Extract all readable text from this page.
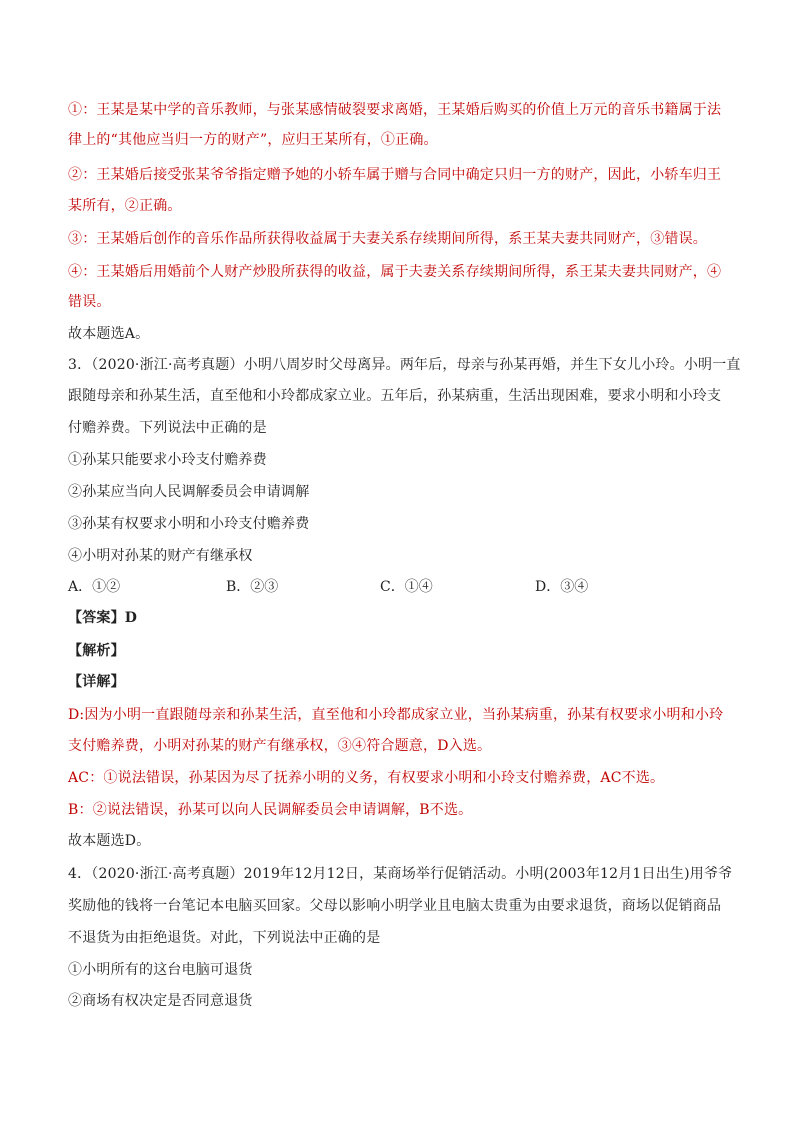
①：王某是某中学的音乐教师，与张某感情破裂要求离婚，王某婚后购买的价值上万元的音乐书籍属于法
律上的“其他应当归一方的财产”，应归王某所有，①正确。
②：王某婚后接受张某爷爷指定赠予她的小轿车属于赠与合同中确定只归一方的财产，因此，小轿车归王
某所有，②正确。
③：王某婚后创作的音乐作品所获得收益属于夫妻关系存续期间所得，系王某夫妻共同财产，③错误。
④：王某婚后用婚前个人财产炒股所获得的收益，属于夫妻关系存续期间所得，系王某夫妻共同财产，④
错误。
故本题选A。
3．（2020·浙江·高考真题）小明八周岁时父母离异。两年后，母亲与孙某再婚，并生下女儿小玲。小明一直
跟随母亲和孙某生活，直至他和小玲都成家立业。五年后，孙某病重，生活出现困难，要求小明和小玲支
付赡养费。下列说法中正确的是
①孙某只能要求小玲支付赡养费
②孙某应当向人民调解委员会申请调解
③孙某有权要求小明和小玲支付赡养费
④小明对孙某的财产有继承权
A．①②	B．②③	C．①④	D．③④
【答案】D
【解析】
【详解】
D:因为小明一直跟随母亲和孙某生活，直至他和小玲都成家立业，当孙某病重，孙某有权要求小明和小玲
支付赡养费，小明对孙某的财产有继承权，③④符合题意，D入选。
AC：①说法错误，孙某因为尽了抚养小明的义务，有权要求小明和小玲支付赡养费，AC不选。
B：②说法错误，孙某可以向人民调解委员会申请调解，B不选。
故本题选D。
4．（2020·浙江·高考真题）2019年12月12日，某商场举行促销活动。小明(2003年12月1日出生)用爷爷
奖励他的钱将一台笔记本电脑买回家。父母以影响小明学业且电脑太贵重为由要求退货，商场以促销商品
不退货为由拒绝退货。对此，下列说法中正确的是
①小明所有的这台电脑可退货
②商场有权决定是否同意退货
